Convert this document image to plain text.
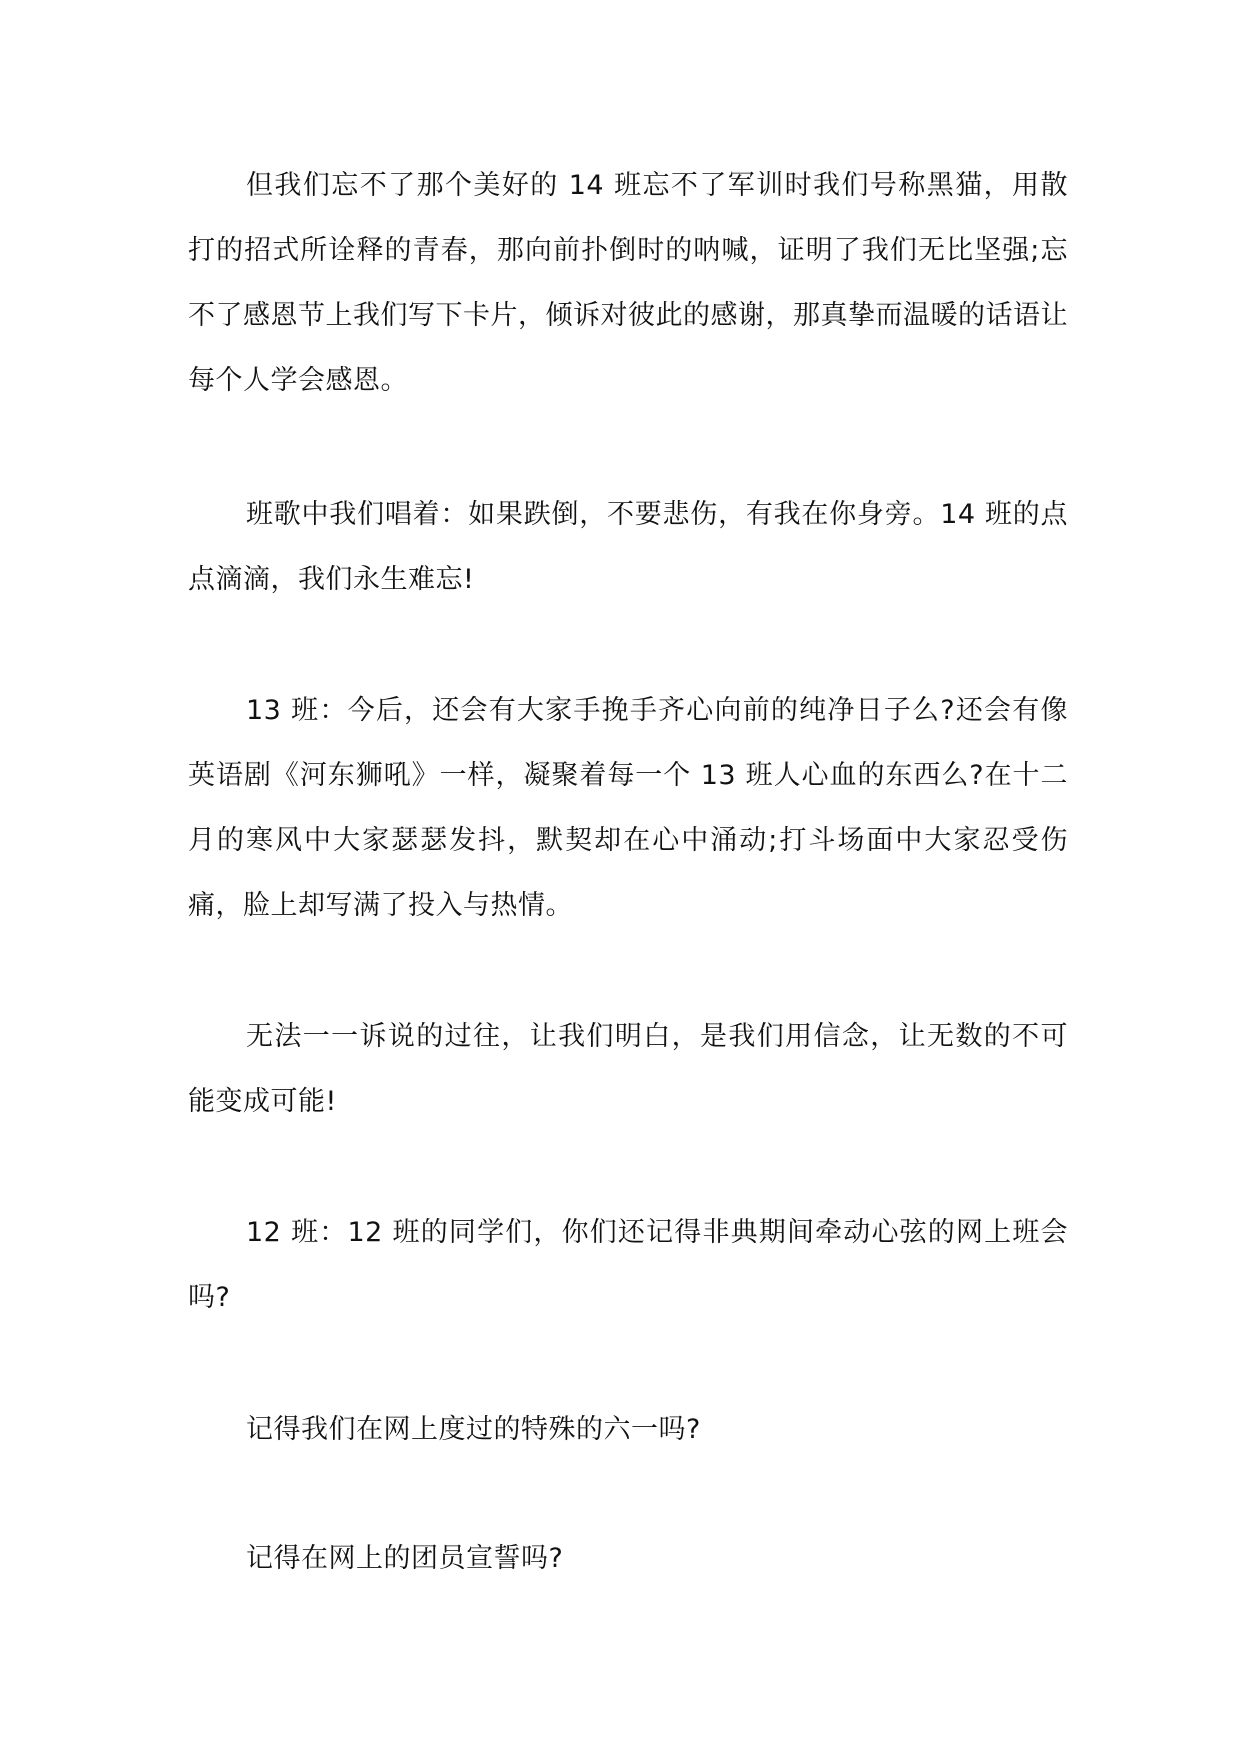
但我们忘不了那个美好的 14 班忘不了军训时我们号称黑猫，用散打的招式所诠释的青春，那向前扑倒时的呐喊，证明了我们无比坚强;忘不了感恩节上我们写下卡片，倾诉对彼此的感谢，那真挚而温暖的话语让每个人学会感恩。

班歌中我们唱着：如果跌倒，不要悲伤，有我在你身旁。14 班的点点滴滴，我们永生难忘!

13 班：今后，还会有大家手挽手齐心向前的纯净日子么?还会有像英语剧《河东狮吼》一样，凝聚着每一个 13 班人心血的东西么?在十二月的寒风中大家瑟瑟发抖，默契却在心中涌动;打斗场面中大家忍受伤痛，脸上却写满了投入与热情。

无法一一诉说的过往，让我们明白，是我们用信念，让无数的不可能变成可能!

12 班：12 班的同学们，你们还记得非典期间牵动心弦的网上班会吗?

记得我们在网上度过的特殊的六一吗?

记得在网上的团员宣誓吗?
